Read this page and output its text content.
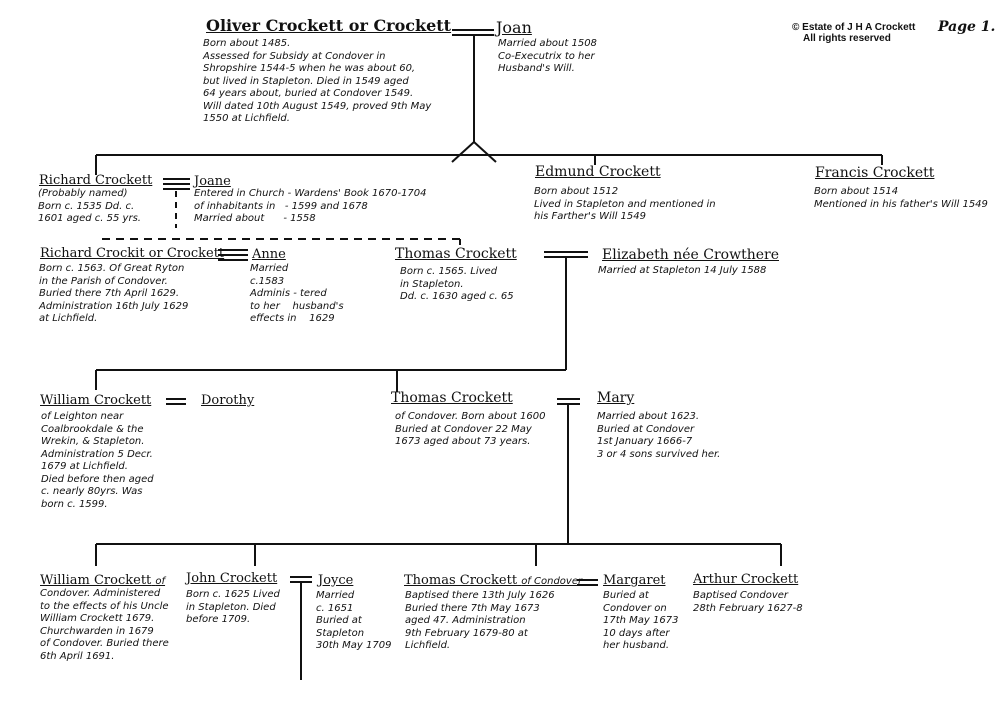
© Estate of J H A Crockett
All rights reserved
Page 1.
Oliver Crockett or Crockett
Born about 1485.
Assessed for Subsidy at Condover in
Shropshire 1544-5 when he was about 60,
but lived in Stapleton. Died in 1549 aged
64 years about, buried at Condover 1549.
Will dated 10th August 1549, proved 9th May
1550 at Lichfield.
Joan
Married about 1508
Co-Executrix to her
Husband's Will.
Richard Crockett
(Probably named)
Born c. 1535 Dd. c.
1601 aged c. 55 yrs.
Joane
Entered in Church - Wardens' Book 1670-1704
of inhabitants in   - 1599 and 1678
Married about      - 1558
Edmund Crockett
Born about 1512
Lived in Stapleton and mentioned in
his Farther's Will 1549
Francis Crockett
Born about 1514
Mentioned in his father's Will 1549
Richard Crockit or Crockett
Born c. 1563. Of Great Ryton
in the Parish of Condover.
Buried there 7th April 1629.
Administration 16th July 1629
at Lichfield.
Anne
Married
c.1583
Adminis - tered
to her    husband's
effects in    1629
Thomas Crockett
Born c. 1565. Lived
in Stapleton.
Dd. c. 1630 aged c. 65
Elizabeth née Crowthere
Married at Stapleton 14 July 1588
William Crockett
of Leighton near
Coalbrookdale & the
Wrekin, & Stapleton.
Administration 5 Decr.
1679 at Lichfield.
Died before then aged
c. nearly 80yrs. Was
born c. 1599.
Dorothy	Thomas Crockett
of Condover. Born about 1600
Buried at Condover 22 May
1673 aged about 73 years.
Mary
Married about 1623.
Buried at Condover
1st January 1666-7
3 or 4 sons survived her.
William Crockett of
Condover. Administered
to the effects of his Uncle
William Crockett 1679.
Churchwarden in 1679
of Condover. Buried there
6th April 1691.
John Crockett
Born c. 1625 Lived
in Stapleton. Died
before 1709.
Joyce
Married
c. 1651
Buried at
Stapleton
30th May 1709
Thomas Crockett of Condover
Baptised there 13th July 1626
Buried there 7th May 1673
aged 47. Administration
9th February 1679-80 at
Lichfield.
Margaret
Buried at
Condover on
17th May 1673
10 days after
her husband.
Arthur Crockett
Baptised Condover
28th February 1627-8
